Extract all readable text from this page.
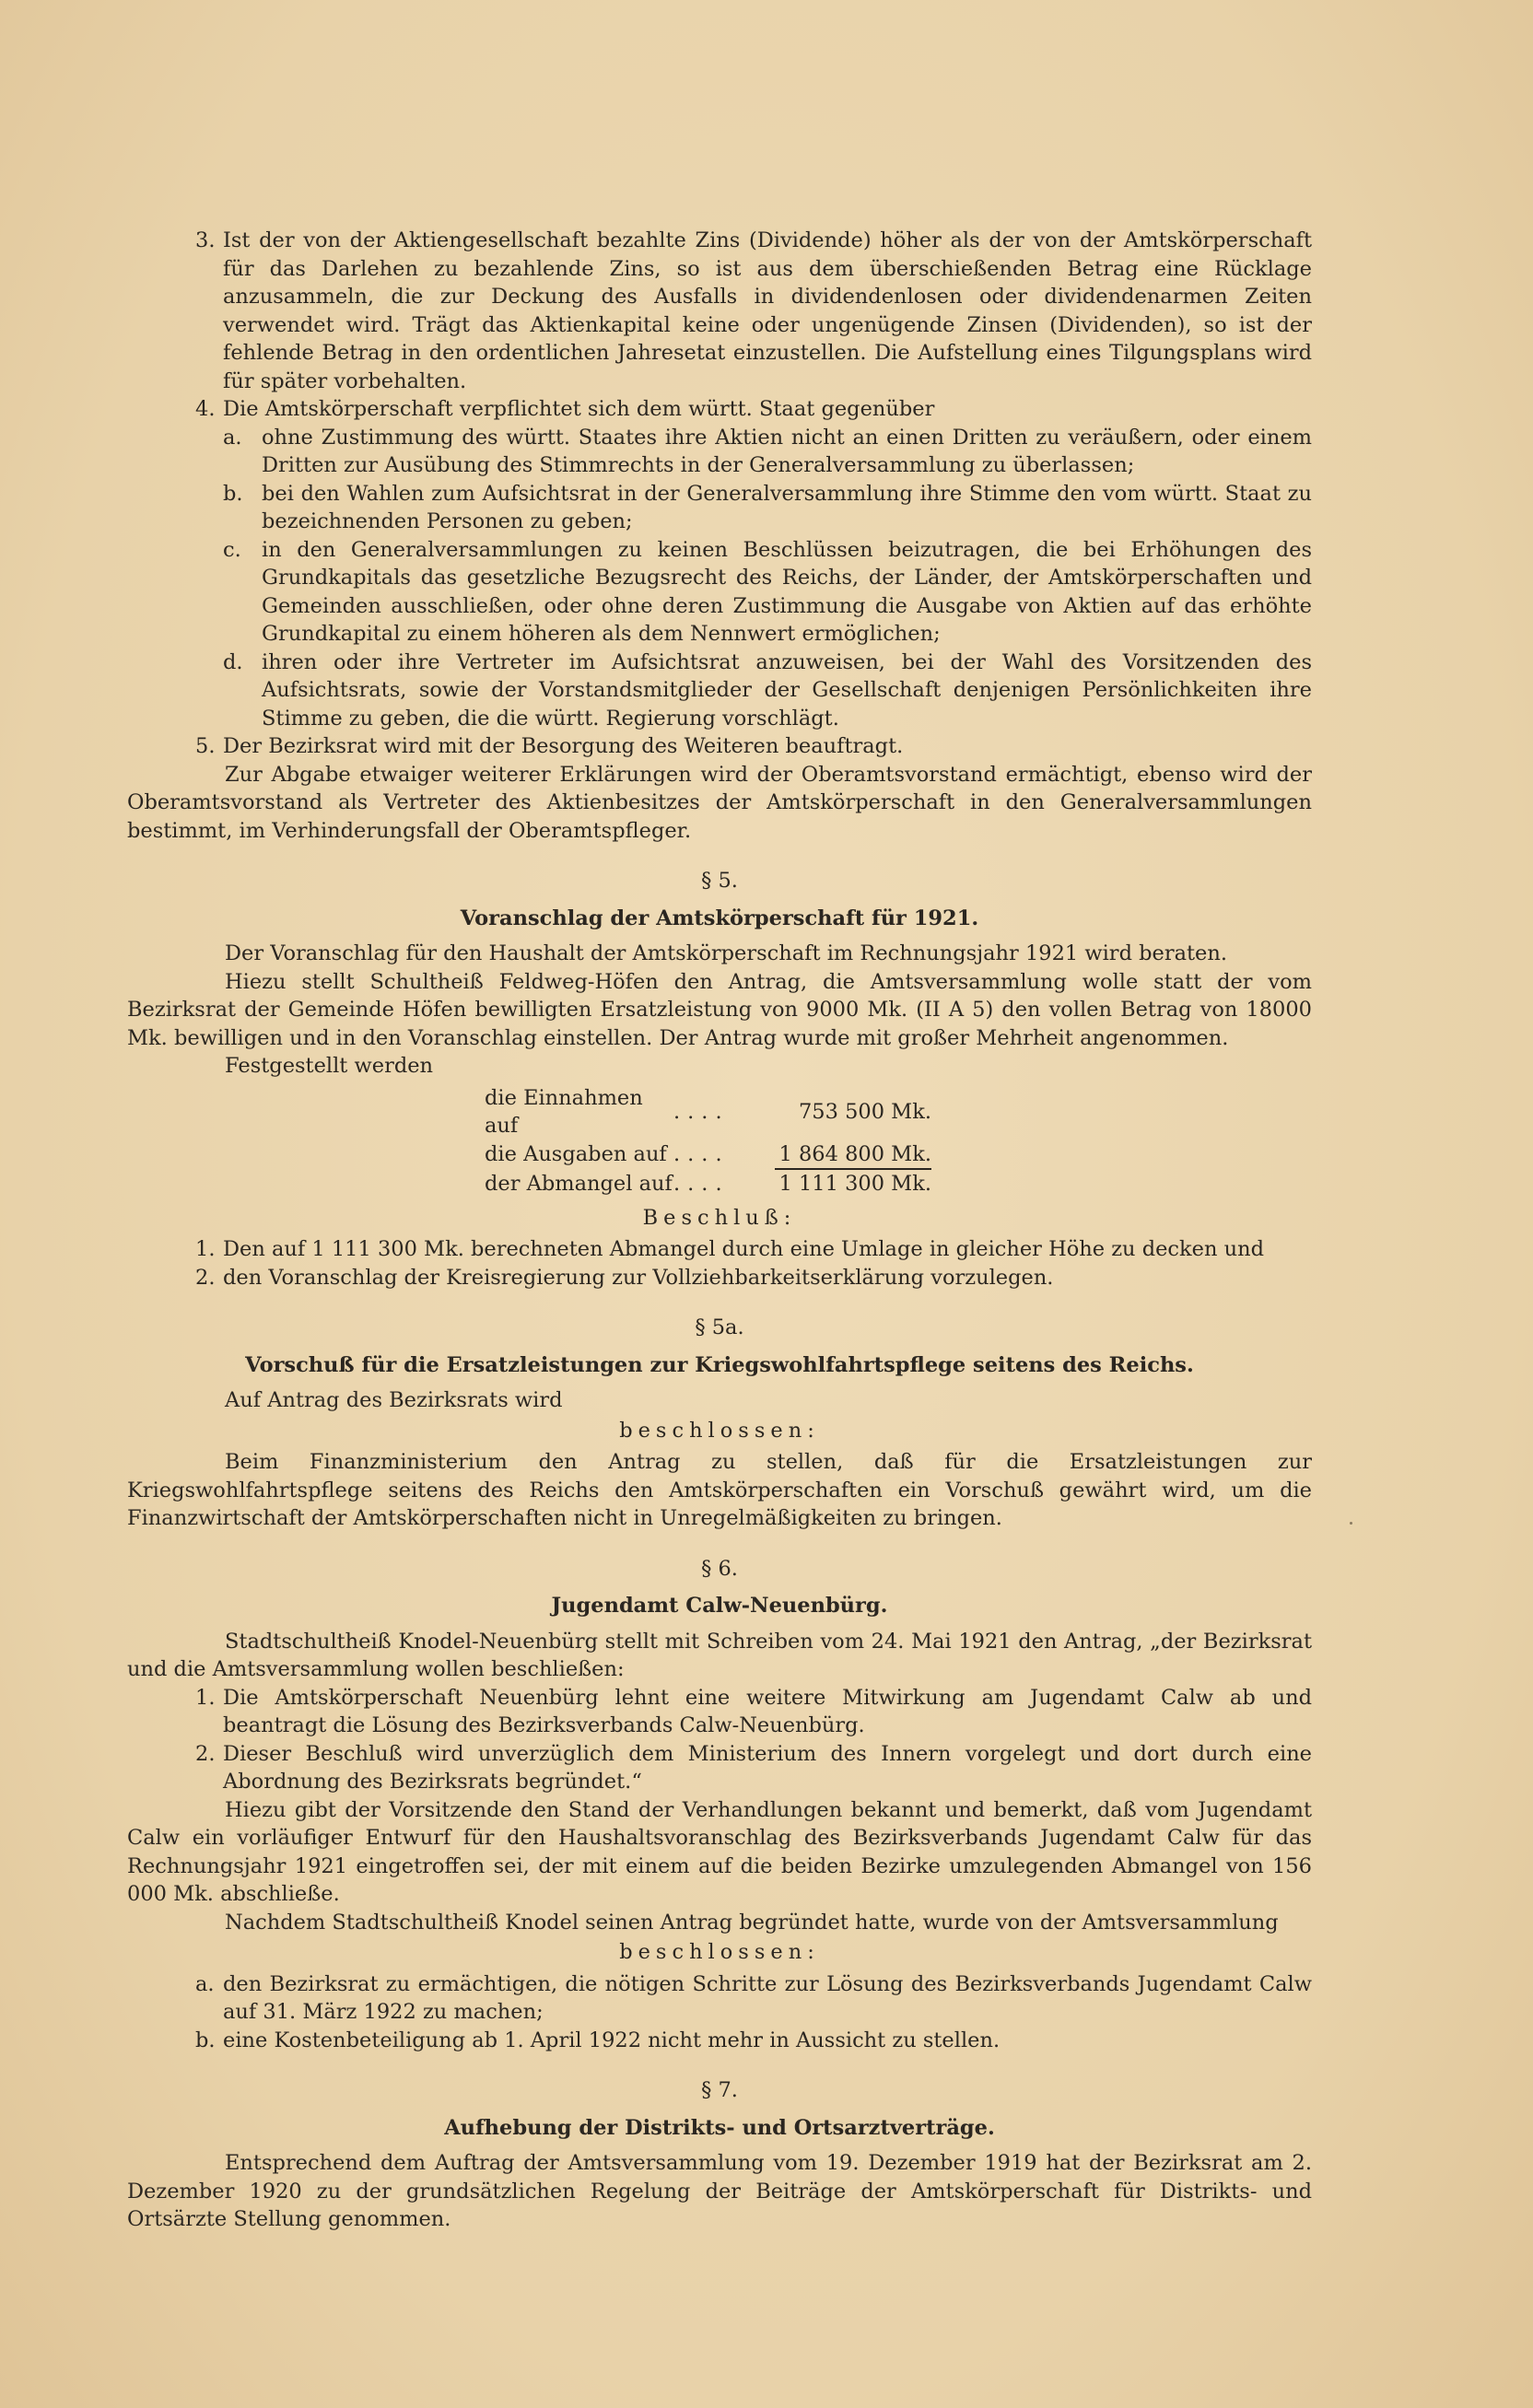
3. Ist der von der Aktiengesellschaft bezahlte Zins (Dividende) höher als der von der Amtskörperschaft für das Darlehen zu bezahlende Zins, so ist aus dem überschießenden Betrag eine Rücklage anzusammeln, die zur Deckung des Ausfalls in dividendenlosen oder dividendenarmen Zeiten verwendet wird. Trägt das Aktienkapital keine oder ungenügende Zinsen (Dividenden), so ist der fehlende Betrag in den ordentlichen Jahresetat einzustellen. Die Aufstellung eines Tilgungsplans wird für später vorbehalten.
4. Die Amtskörperschaft verpflichtet sich dem württ. Staat gegenüber
a. ohne Zustimmung des württ. Staates ihre Aktien nicht an einen Dritten zu veräußern, oder einem Dritten zur Ausübung des Stimmrechts in der Generalversammlung zu überlassen;
b. bei den Wahlen zum Aufsichtsrat in der Generalversammlung ihre Stimme den vom württ. Staat zu bezeichnenden Personen zu geben;
c. in den Generalversammlungen zu keinen Beschlüssen beizutragen, die bei Erhöhungen des Grundkapitals das gesetzliche Bezugsrecht des Reichs, der Länder, der Amtskörperschaften und Gemeinden ausschließen, oder ohne deren Zustimmung die Ausgabe von Aktien auf das erhöhte Grundkapital zu einem höheren als dem Nennwert ermöglichen;
d. ihren oder ihre Vertreter im Aufsichtsrat anzuweisen, bei der Wahl des Vorsitzenden des Aufsichtsrats, sowie der Vorstandsmitglieder der Gesellschaft denjenigen Persönlichkeiten ihre Stimme zu geben, die die württ. Regierung vorschlägt.
5. Der Bezirksrat wird mit der Besorgung des Weiteren beauftragt.

Zur Abgabe etwaiger weiterer Erklärungen wird der Oberamtsvorstand ermächtigt, ebenso wird der Oberamtsvorstand als Vertreter des Aktienbesitzes der Amtskörperschaft in den Generalversammlungen bestimmt, im Verhinderungsfall der Oberamtspfleger.

§ 5.
Voranschlag der Amtskörperschaft für 1921.

Der Voranschlag für den Haushalt der Amtskörperschaft im Rechnungsjahr 1921 wird beraten.

Hiezu stellt Schultheiß Feldweg-Höfen den Antrag, die Amtsversammlung wolle statt der vom Bezirksrat der Gemeinde Höfen bewilligten Ersatzleistung von 9000 Mk. (II A 5) den vollen Betrag von 18000 Mk. bewilligen und in den Voranschlag einstellen. Der Antrag wurde mit großer Mehrheit angenommen.

Festgestellt werden

die Einnahmen auf	....	753 500 Mk.
die Ausgaben auf	....	1 864 800 Mk.
der Abmangel auf	....	1 111 300 Mk.
Beschluß:
1. Den auf 1 111 300 Mk. berechneten Abmangel durch eine Umlage in gleicher Höhe zu decken und
2. den Voranschlag der Kreisregierung zur Vollziehbarkeitserklärung vorzulegen.
§ 5a.
Vorschuß für die Ersatzleistungen zur Kriegswohlfahrtspflege seitens des Reichs.

Auf Antrag des Bezirksrats wird

beschlossen:

Beim Finanzministerium den Antrag zu stellen, daß für die Ersatzleistungen zur Kriegswohlfahrtspflege seitens des Reichs den Amtskörperschaften ein Vorschuß gewährt wird, um die Finanzwirtschaft der Amtskörperschaften nicht in Unregelmäßigkeiten zu bringen.

§ 6.
Jugendamt Calw-Neuenbürg.

Stadtschultheiß Knodel-Neuenbürg stellt mit Schreiben vom 24. Mai 1921 den Antrag, „der Bezirksrat und die Amtsversammlung wollen beschließen:

1. Die Amtskörperschaft Neuenbürg lehnt eine weitere Mitwirkung am Jugendamt Calw ab und beantragt die Lösung des Bezirksverbands Calw-Neuenbürg.
2. Dieser Beschluß wird unverzüglich dem Ministerium des Innern vorgelegt und dort durch eine Abordnung des Bezirksrats begründet.“

Hiezu gibt der Vorsitzende den Stand der Verhandlungen bekannt und bemerkt, daß vom Jugendamt Calw ein vorläufiger Entwurf für den Haushaltsvoranschlag des Bezirksverbands Jugendamt Calw für das Rechnungsjahr 1921 eingetroffen sei, der mit einem auf die beiden Bezirke umzulegenden Abmangel von 156 000 Mk. abschließe.

Nachdem Stadtschultheiß Knodel seinen Antrag begründet hatte, wurde von der Amtsversammlung

beschlossen:
a. den Bezirksrat zu ermächtigen, die nötigen Schritte zur Lösung des Bezirksverbands Jugendamt Calw auf 31. März 1922 zu machen;
b. eine Kostenbeteiligung ab 1. April 1922 nicht mehr in Aussicht zu stellen.
§ 7.
Aufhebung der Distrikts- und Ortsarztverträge.

Entsprechend dem Auftrag der Amtsversammlung vom 19. Dezember 1919 hat der Bezirksrat am 2. Dezember 1920 zu der grundsätzlichen Regelung der Beiträge der Amtskörperschaft für Distrikts- und Ortsärzte Stellung genommen.
